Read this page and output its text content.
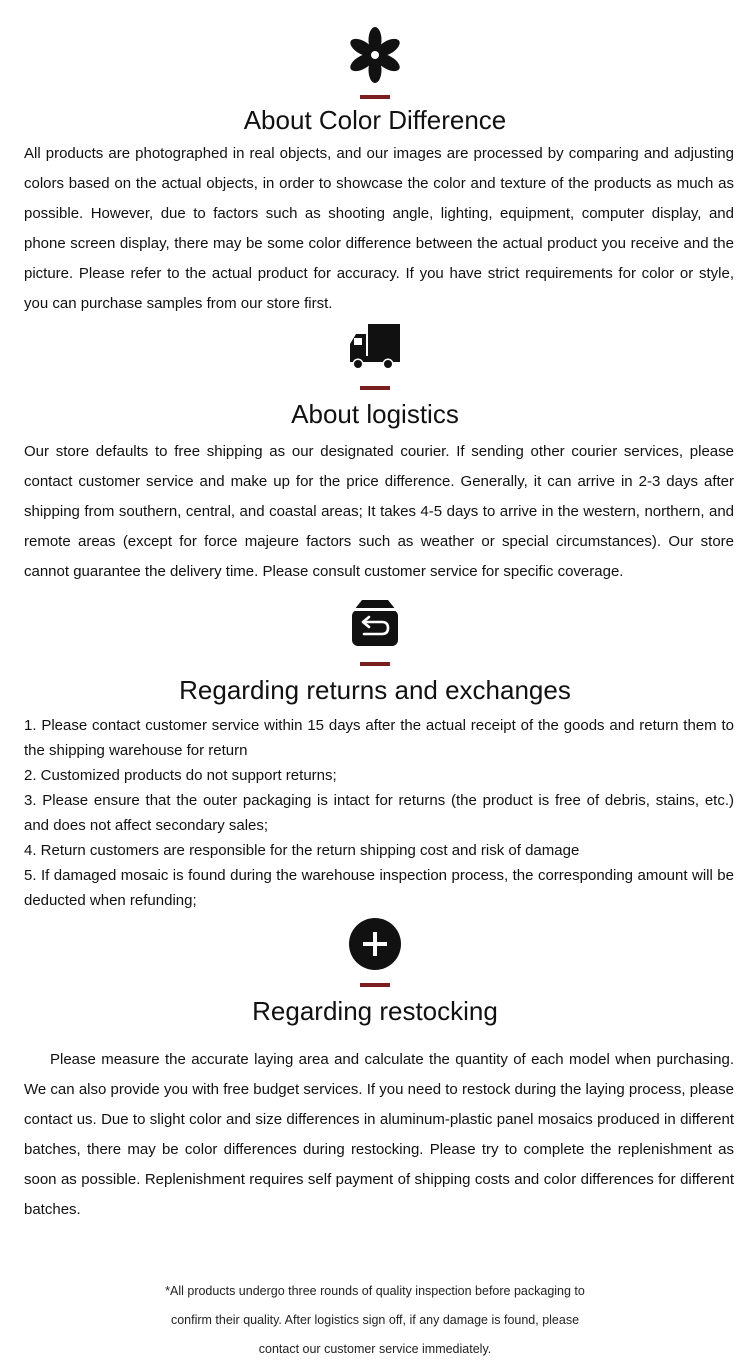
About Color Difference

All products are photographed in real objects, and our images are processed by comparing and adjusting colors based on the actual objects, in order to showcase the color and texture of the products as much as possible. However, due to factors such as shooting angle, lighting, equipment, computer display, and phone screen display, there may be some color difference between the actual product you receive and the picture. Please refer to the actual product for accuracy. If you have strict requirements for color or style, you can purchase samples from our store first.

About logistics

Our store defaults to free shipping as our designated courier. If sending other courier services, please contact customer service and make up for the price difference. Generally, it can arrive in 2-3 days after shipping from southern, central, and coastal areas; It takes 4-5 days to arrive in the western, northern, and remote areas (except for force majeure factors such as weather or special circumstances). Our store cannot guarantee the delivery time. Please consult customer service for specific coverage.

Regarding returns and exchanges
1. Please contact customer service within 15 days after the actual receipt of the goods and return them to the shipping warehouse for return
2. Customized products do not support returns;
3. Please ensure that the outer packaging is intact for returns (the product is free of debris, stains, etc.) and does not affect secondary sales;
4. Return customers are responsible for the return shipping cost and risk of damage
5. If damaged mosaic is found during the warehouse inspection process, the corresponding amount will be deducted when refunding;
Regarding restocking

Please measure the accurate laying area and calculate the quantity of each model when purchasing. We can also provide you with free budget services. If you need to restock during the laying process, please contact us. Due to slight color and size differences in aluminum-plastic panel mosaics produced in different batches, there may be color differences during restocking. Please try to complete the replenishment as soon as possible. Replenishment requires self payment of shipping costs and color differences for different batches.

*All products undergo three rounds of quality inspection before packaging to confirm their quality. After logistics sign off, if any damage is found, please contact our customer service immediately.
